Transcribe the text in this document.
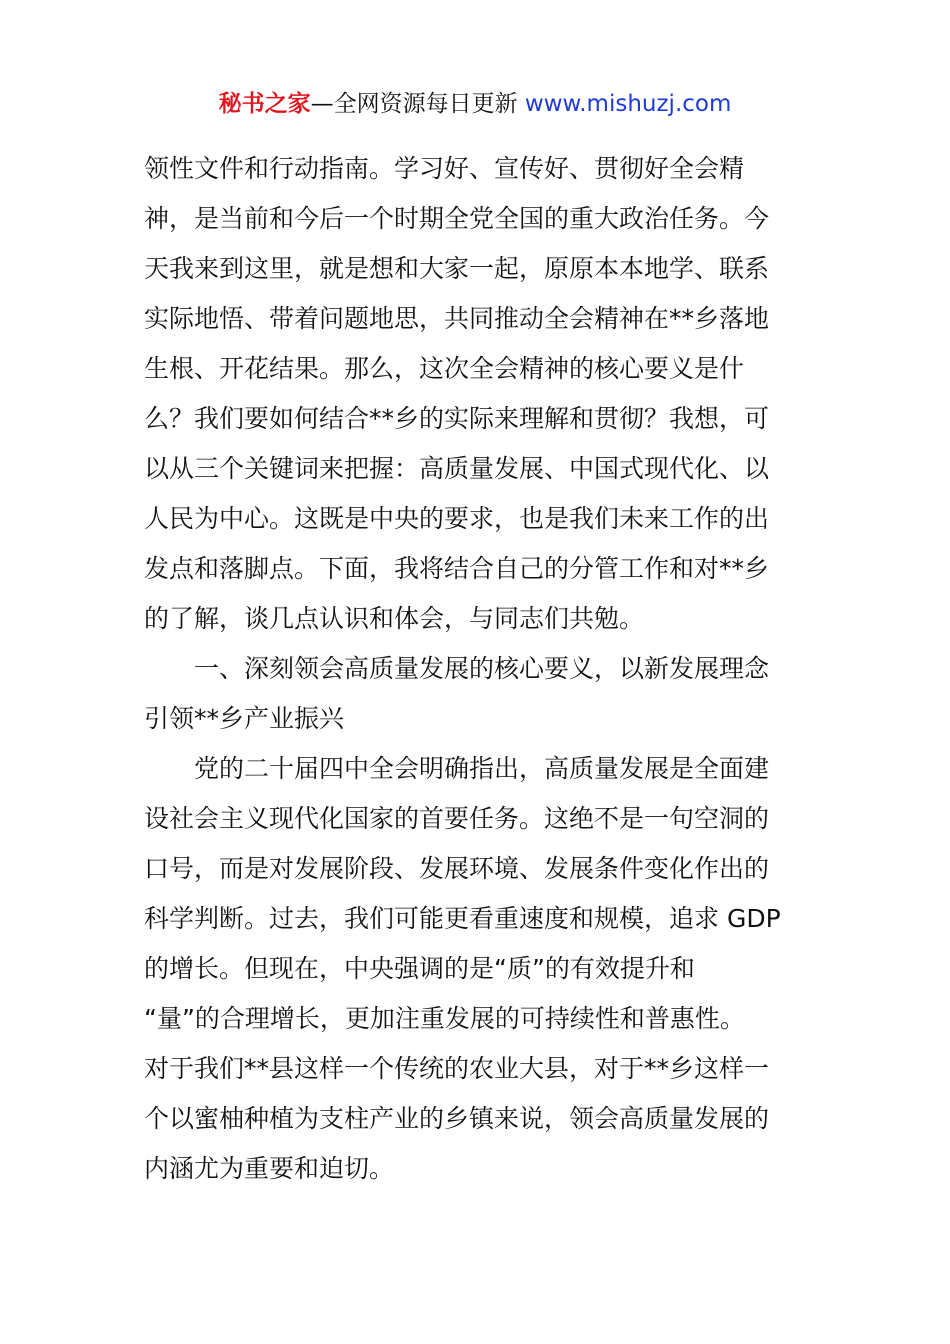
秘书之家—全网资源每日更新 www.mishuzj.com
领性文件和行动指南。学习好、宣传好、贯彻好全会精
神，是当前和今后一个时期全党全国的重大政治任务。今
天我来到这里，就是想和大家一起，原原本本地学、联系
实际地悟、带着问题地思，共同推动全会精神在**乡落地
生根、开花结果。那么，这次全会精神的核心要义是什
么？我们要如何结合**乡的实际来理解和贯彻？我想，可
以从三个关键词来把握：高质量发展、中国式现代化、以
人民为中心。这既是中央的要求，也是我们未来工作的出
发点和落脚点。下面，我将结合自己的分管工作和对**乡
的了解，谈几点认识和体会，与同志们共勉。
一、深刻领会高质量发展的核心要义，以新发展理念
引领**乡产业振兴
党的二十届四中全会明确指出，高质量发展是全面建
设社会主义现代化国家的首要任务。这绝不是一句空洞的
口号，而是对发展阶段、发展环境、发展条件变化作出的
科学判断。过去，我们可能更看重速度和规模，追求 GDP
的增长。但现在，中央强调的是“质”的有效提升和
“量”的合理增长，更加注重发展的可持续性和普惠性。
对于我们**县这样一个传统的农业大县，对于**乡这样一
个以蜜柚种植为支柱产业的乡镇来说，领会高质量发展的
内涵尤为重要和迫切。
